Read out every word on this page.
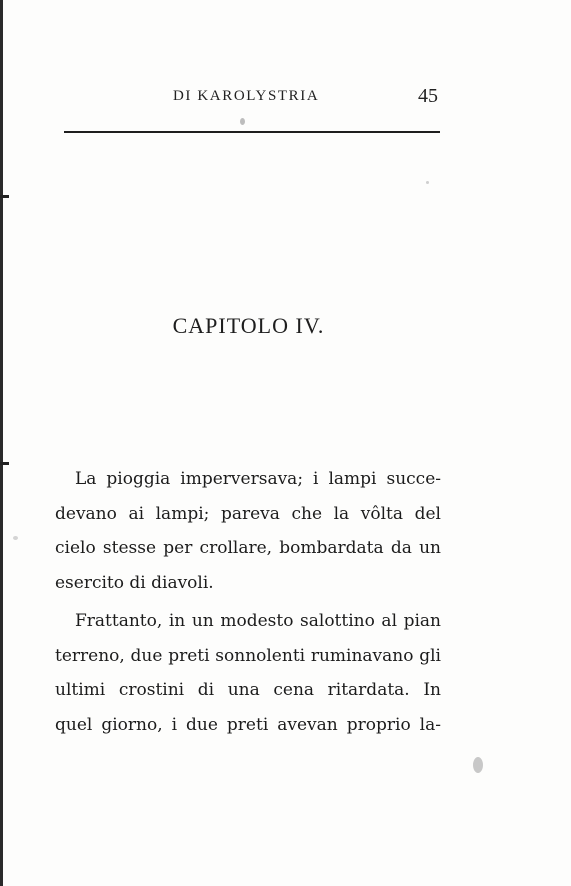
DI KAROLYSTRIA	45
CAPITOLO IV.
La pioggia imperversava; i lampi succe-
devano ai lampi; pareva che la vôlta del
cielo stesse per crollare, bombardata da un
esercito di diavoli.
Frattanto, in un modesto salottino al pian
terreno, due preti sonnolenti ruminavano gli
ultimi crostini di una cena ritardata. In
quel giorno, i due preti avevan proprio la-
